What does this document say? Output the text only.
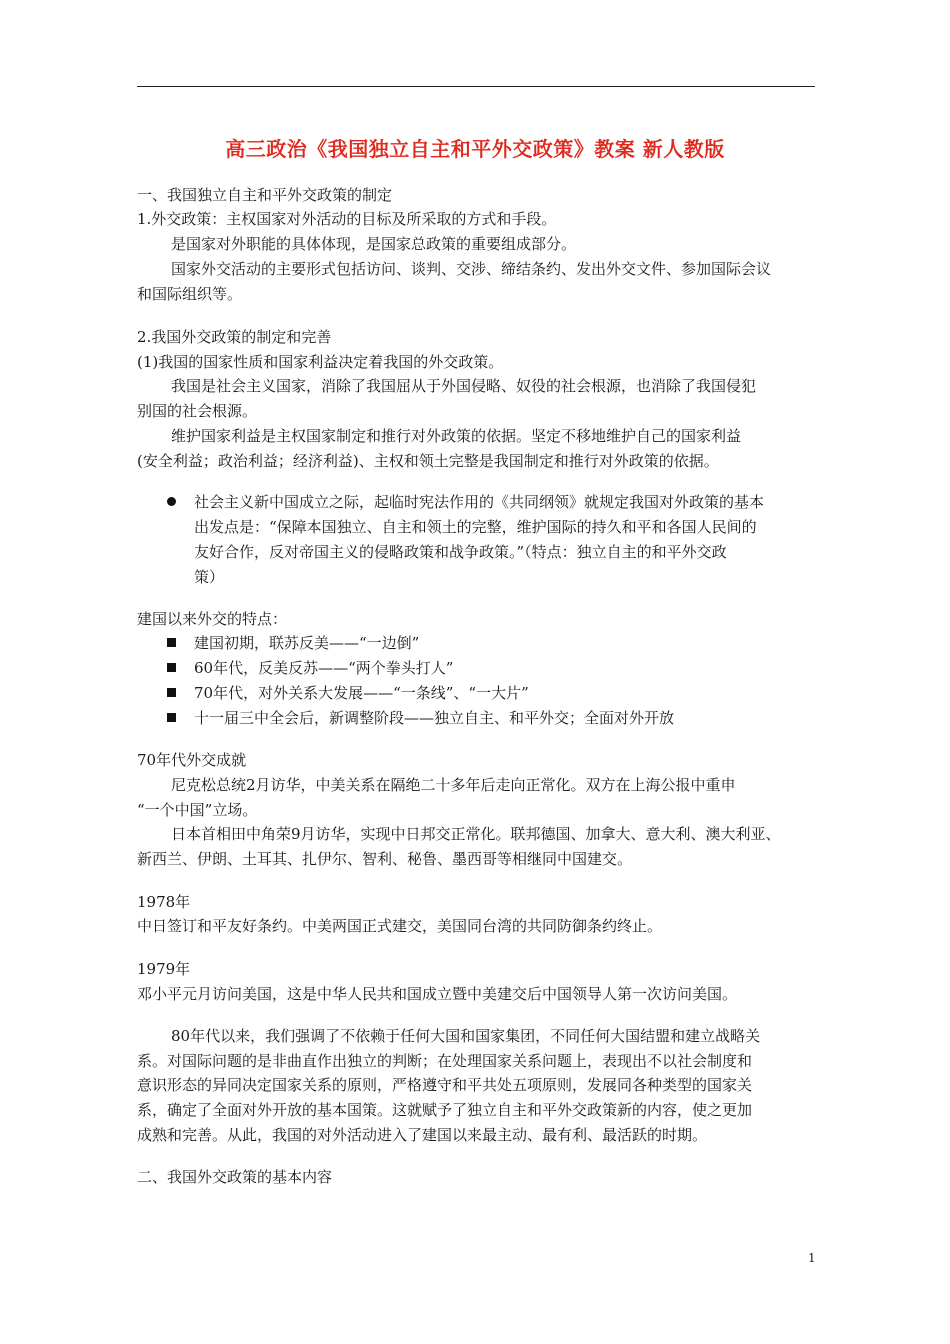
高三政治《我国独立自主和平外交政策》教案 新人教版
一、我国独立自主和平外交政策的制定
1.外交政策：主权国家对外活动的目标及所采取的方式和手段。
是国家对外职能的具体体现，是国家总政策的重要组成部分。
国家外交活动的主要形式包括访问、谈判、交涉、缔结条约、发出外交文件、参加国际会议
和国际组织等。
2.我国外交政策的制定和完善
(1)我国的国家性质和国家利益决定着我国的外交政策。
我国是社会主义国家，消除了我国屈从于外国侵略、奴役的社会根源，也消除了我国侵犯
别国的社会根源。
维护国家利益是主权国家制定和推行对外政策的依据。坚定不移地维护自己的国家利益
(安全利益；政治利益；经济利益)、主权和领土完整是我国制定和推行对外政策的依据。
社会主义新中国成立之际，起临时宪法作用的《共同纲领》就规定我国对外政策的基本
出发点是：“保障本国独立、自主和领土的完整，维护国际的持久和平和各国人民间的
友好合作，反对帝国主义的侵略政策和战争政策。”（特点：独立自主的和平外交政
策）
建国以来外交的特点：
建国初期，联苏反美——“一边倒”
60年代，反美反苏——“两个拳头打人”
70年代，对外关系大发展——“一条线”、“一大片”
十一届三中全会后，新调整阶段——独立自主、和平外交；全面对外开放
70年代外交成就
尼克松总统2月访华，中美关系在隔绝二十多年后走向正常化。双方在上海公报中重申
“一个中国”立场。
日本首相田中角荣9月访华，实现中日邦交正常化。联邦德国、加拿大、意大利、澳大利亚、
新西兰、伊朗、土耳其、扎伊尔、智利、秘鲁、墨西哥等相继同中国建交。
1978年
中日签订和平友好条约。中美两国正式建交，美国同台湾的共同防御条约终止。
1979年
邓小平元月访问美国，这是中华人民共和国成立暨中美建交后中国领导人第一次访问美国。
80年代以来，我们强调了不依赖于任何大国和国家集团，不同任何大国结盟和建立战略关
系。对国际问题的是非曲直作出独立的判断；在处理国家关系问题上，表现出不以社会制度和
意识形态的异同决定国家关系的原则，严格遵守和平共处五项原则，发展同各种类型的国家关
系，确定了全面对外开放的基本国策。这就赋予了独立自主和平外交政策新的内容，使之更加
成熟和完善。从此，我国的对外活动进入了建国以来最主动、最有利、最活跃的时期。
二、我国外交政策的基本内容
1
